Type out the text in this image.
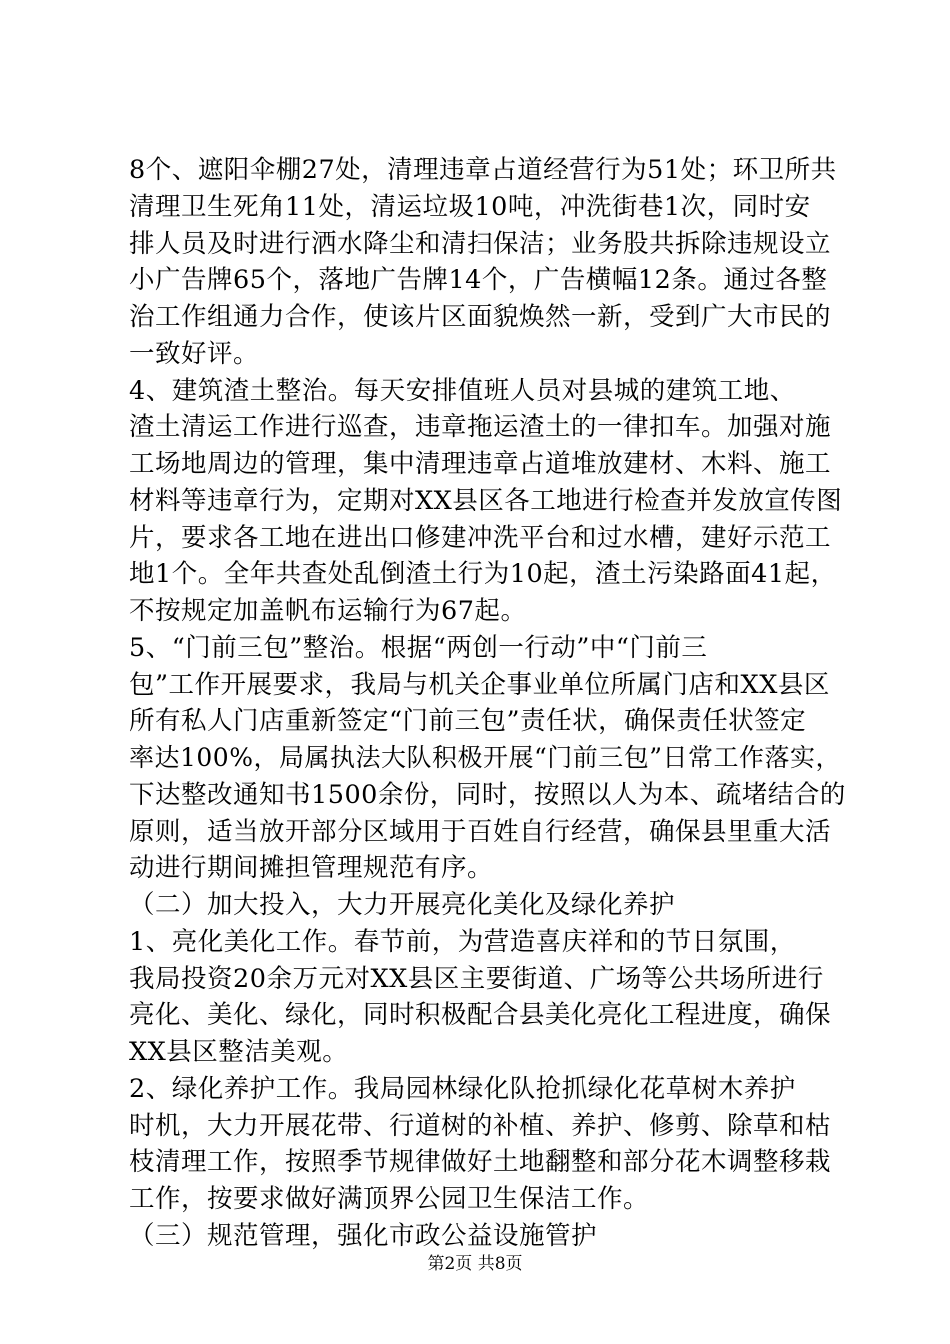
8个、遮阳伞棚27处，清理违章占道经营行为51处；环卫所共
清理卫生死角11处，清运垃圾10吨，冲洗街巷1次，同时安
排人员及时进行洒水降尘和清扫保洁；业务股共拆除违规设立
小广告牌65个，落地广告牌14个，广告横幅12条。通过各整
治工作组通力合作，使该片区面貌焕然一新，受到广大市民的
一致好评。
4、建筑渣土整治。每天安排值班人员对县城的建筑工地、
渣土清运工作进行巡查，违章拖运渣土的一律扣车。加强对施
工场地周边的管理，集中清理违章占道堆放建材、木料、施工
材料等违章行为，定期对XX县区各工地进行检查并发放宣传图
片，要求各工地在进出口修建冲洗平台和过水槽，建好示范工
地1个。全年共查处乱倒渣土行为10起，渣土污染路面41起，
不按规定加盖帆布运输行为67起。
5、“门前三包”整治。根据“两创一行动”中“门前三
包”工作开展要求，我局与机关企事业单位所属门店和XX县区
所有私人门店重新签定“门前三包”责任状，确保责任状签定
率达100%，局属执法大队积极开展“门前三包”日常工作落实，
下达整改通知书1500余份，同时，按照以人为本、疏堵结合的
原则，适当放开部分区域用于百姓自行经营，确保县里重大活
动进行期间摊担管理规范有序。
（二）加大投入，大力开展亮化美化及绿化养护
1、亮化美化工作。春节前，为营造喜庆祥和的节日氛围，
我局投资20余万元对XX县区主要街道、广场等公共场所进行
亮化、美化、绿化，同时积极配合县美化亮化工程进度，确保
XX县区整洁美观。
2、绿化养护工作。我局园林绿化队抢抓绿化花草树木养护
时机，大力开展花带、行道树的补植、养护、修剪、除草和枯
枝清理工作，按照季节规律做好土地翻整和部分花木调整移栽
工作，按要求做好满顶界公园卫生保洁工作。
（三）规范管理，强化市政公益设施管护
第2页 共8页
